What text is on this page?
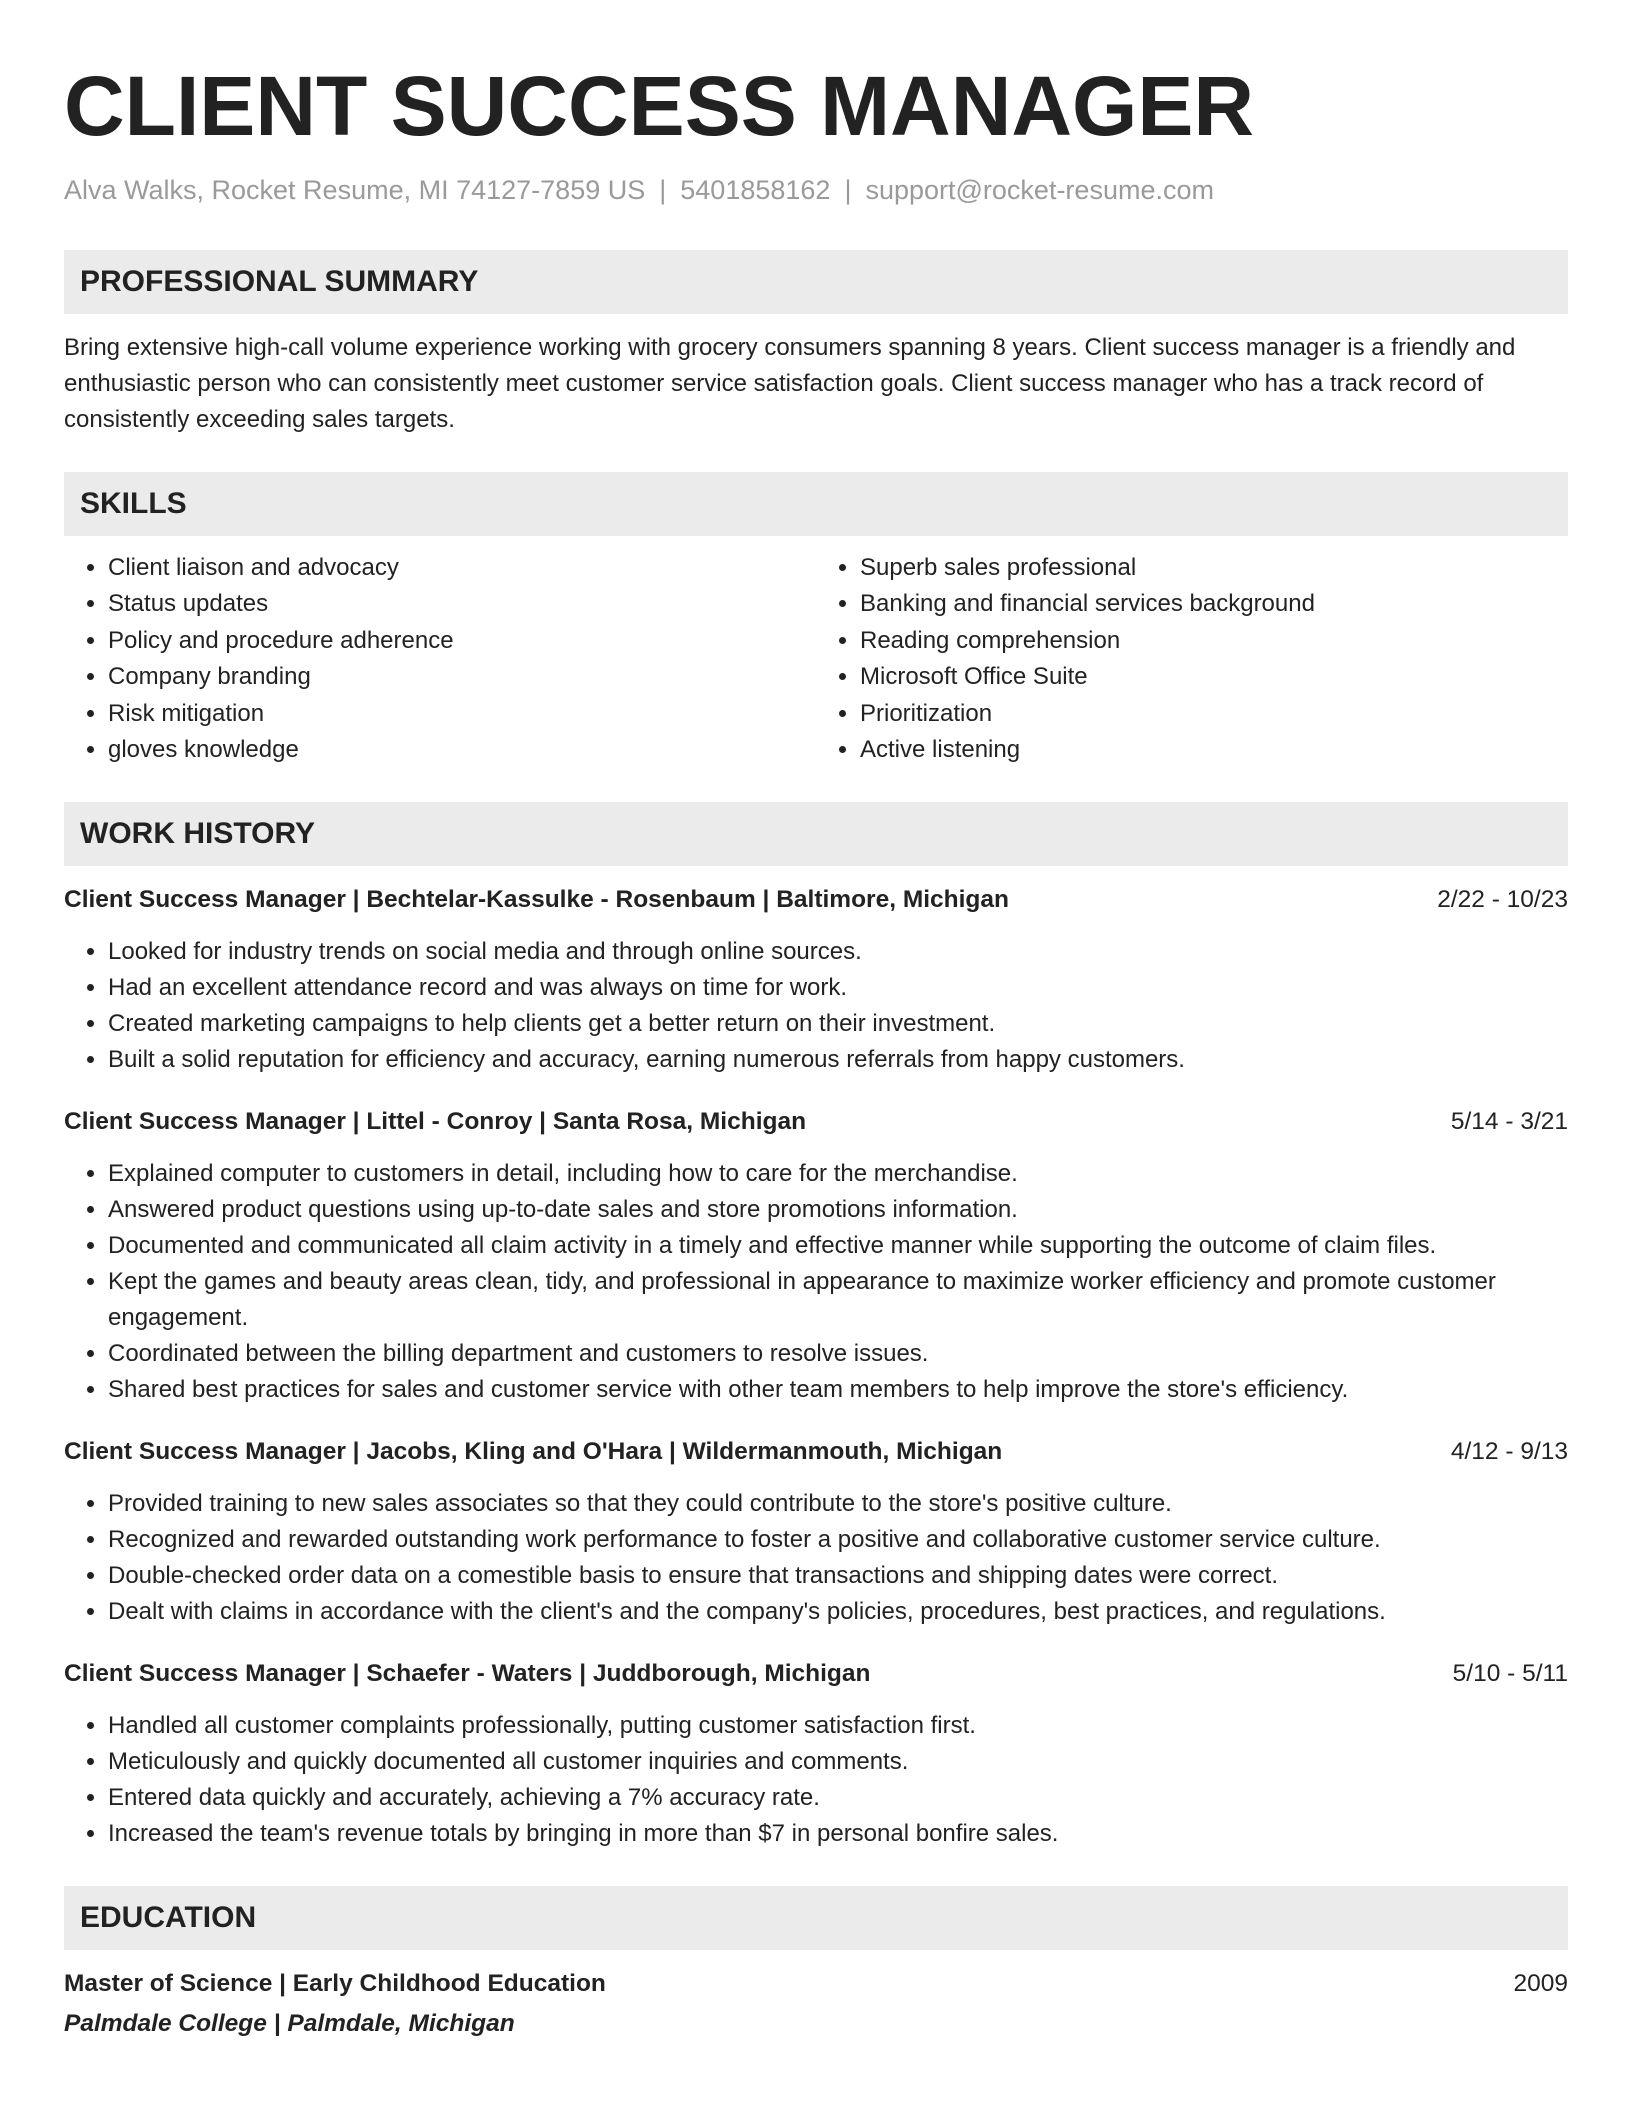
CLIENT SUCCESS MANAGER
Alva Walks, Rocket Resume, MI 74127-7859 US | 5401858162 | support@rocket-resume.com
PROFESSIONAL SUMMARY

Bring extensive high-call volume experience working with grocery consumers spanning 8 years. Client success manager is a friendly and enthusiastic person who can consistently meet customer service satisfaction goals. Client success manager who has a track record of consistently exceeding sales targets.

SKILLS
• Client liaison and advocacy
• Status updates
• Policy and procedure adherence
• Company branding
• Risk mitigation
• gloves knowledge
• Superb sales professional
• Banking and financial services background
• Reading comprehension
• Microsoft Office Suite
• Prioritization
• Active listening
WORK HISTORY
Client Success Manager | Bechtelar-Kassulke - Rosenbaum | Baltimore, Michigan	2/22 - 10/23
• Looked for industry trends on social media and through online sources.
• Had an excellent attendance record and was always on time for work.
• Created marketing campaigns to help clients get a better return on their investment.
• Built a solid reputation for efficiency and accuracy, earning numerous referrals from happy customers.
Client Success Manager | Littel - Conroy | Santa Rosa, Michigan	5/14 - 3/21
• Explained computer to customers in detail, including how to care for the merchandise.
• Answered product questions using up-to-date sales and store promotions information.
• Documented and communicated all claim activity in a timely and effective manner while supporting the outcome of claim files.
• Kept the games and beauty areas clean, tidy, and professional in appearance to maximize worker efficiency and promote customer engagement.
• Coordinated between the billing department and customers to resolve issues.
• Shared best practices for sales and customer service with other team members to help improve the store's efficiency.
Client Success Manager | Jacobs, Kling and O'Hara | Wildermanmouth, Michigan	4/12 - 9/13
• Provided training to new sales associates so that they could contribute to the store's positive culture.
• Recognized and rewarded outstanding work performance to foster a positive and collaborative customer service culture.
• Double-checked order data on a comestible basis to ensure that transactions and shipping dates were correct.
• Dealt with claims in accordance with the client's and the company's policies, procedures, best practices, and regulations.
Client Success Manager | Schaefer - Waters | Juddborough, Michigan	5/10 - 5/11
• Handled all customer complaints professionally, putting customer satisfaction first.
• Meticulously and quickly documented all customer inquiries and comments.
• Entered data quickly and accurately, achieving a 7% accuracy rate.
• Increased the team's revenue totals by bringing in more than $7 in personal bonfire sales.
EDUCATION
Master of Science | Early Childhood Education	2009
Palmdale College | Palmdale, Michigan
